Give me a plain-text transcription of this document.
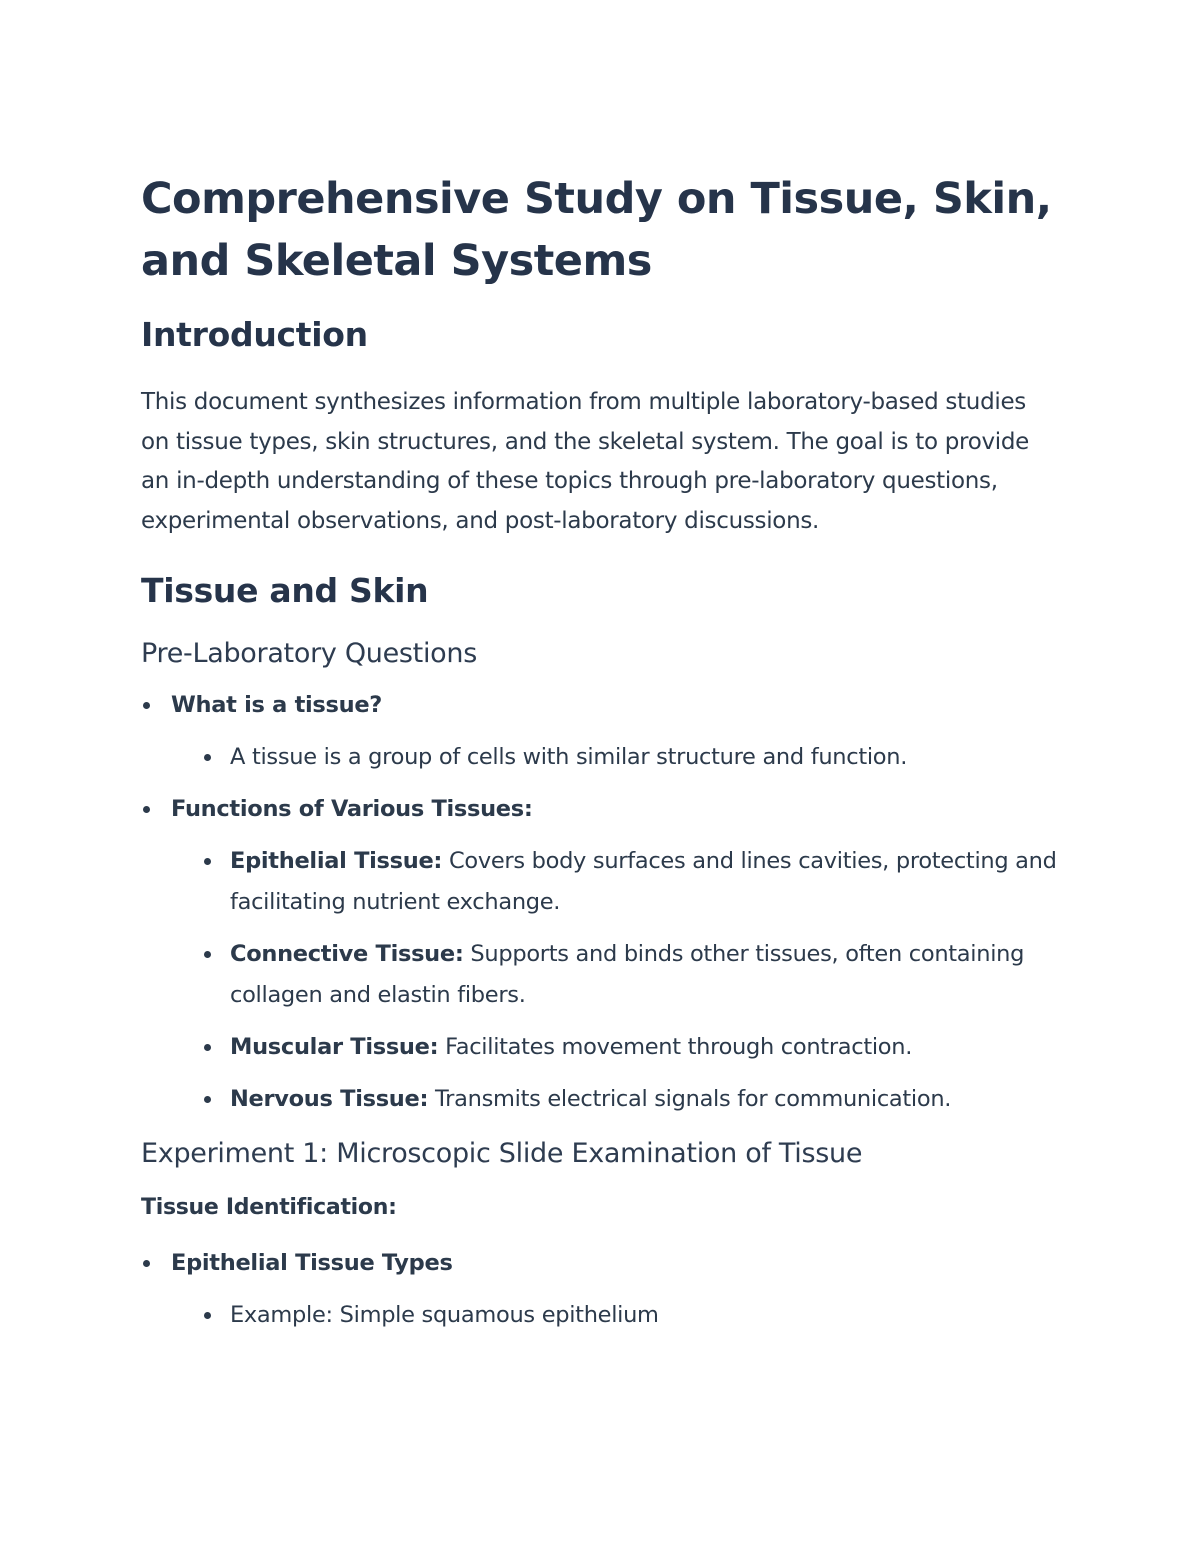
Comprehensive Study on Tissue, Skin, and Skeletal Systems
Introduction

This document synthesizes information from multiple laboratory-based studies on tissue types, skin structures, and the skeletal system. The goal is to provide an in-depth understanding of these topics through pre-laboratory questions, experimental observations, and post-laboratory discussions.

Tissue and Skin
Pre-Laboratory Questions
What is a tissue?
A tissue is a group of cells with similar structure and function.
Functions of Various Tissues:
Epithelial Tissue: Covers body surfaces and lines cavities, protecting and facilitating nutrient exchange.
Connective Tissue: Supports and binds other tissues, often containing collagen and elastin fibers.
Muscular Tissue: Facilitates movement through contraction.
Nervous Tissue: Transmits electrical signals for communication.
Experiment 1: Microscopic Slide Examination of Tissue
Tissue Identification:
Epithelial Tissue Types
Example: Simple squamous epithelium
